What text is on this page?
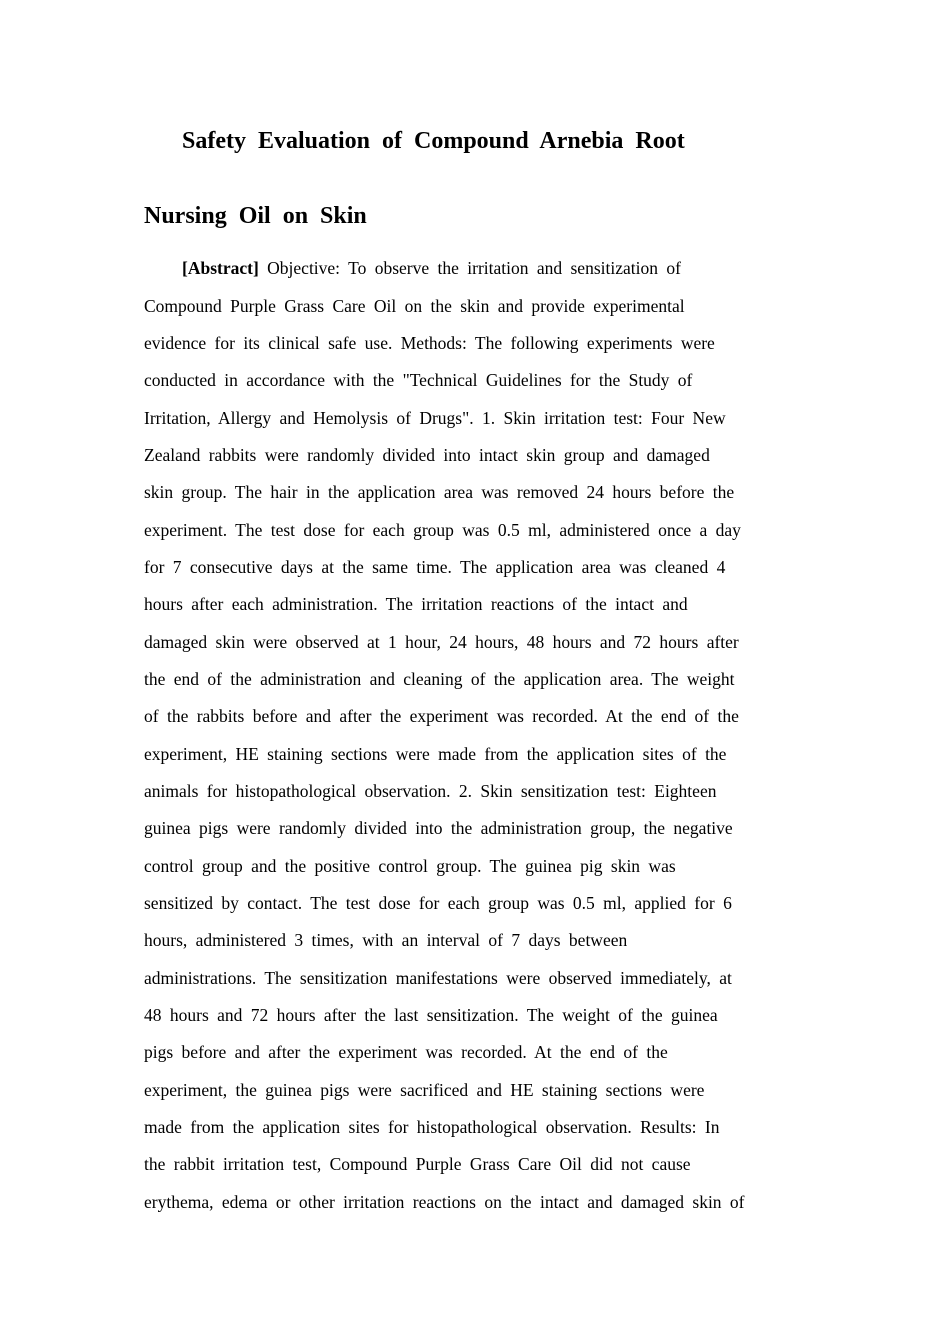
Safety Evaluation of Compound Arnebia Root
Nursing Oil on Skin
[Abstract] Objective: To observe the irritation and sensitization of
Compound Purple Grass Care Oil on the skin and provide experimental
evidence for its clinical safe use. Methods: The following experiments were
conducted in accordance with the "Technical Guidelines for the Study of
Irritation, Allergy and Hemolysis of Drugs". 1. Skin irritation test: Four New
Zealand rabbits were randomly divided into intact skin group and damaged
skin group. The hair in the application area was removed 24 hours before the
experiment. The test dose for each group was 0.5 ml, administered once a day
for 7 consecutive days at the same time. The application area was cleaned 4
hours after each administration. The irritation reactions of the intact and
damaged skin were observed at 1 hour, 24 hours, 48 hours and 72 hours after
the end of the administration and cleaning of the application area. The weight
of the rabbits before and after the experiment was recorded. At the end of the
experiment, HE staining sections were made from the application sites of the
animals for histopathological observation. 2. Skin sensitization test: Eighteen
guinea pigs were randomly divided into the administration group, the negative
control group and the positive control group. The guinea pig skin was
sensitized by contact. The test dose for each group was 0.5 ml, applied for 6
hours, administered 3 times, with an interval of 7 days between
administrations. The sensitization manifestations were observed immediately, at
48 hours and 72 hours after the last sensitization. The weight of the guinea
pigs before and after the experiment was recorded. At the end of the
experiment, the guinea pigs were sacrificed and HE staining sections were
made from the application sites for histopathological observation. Results: In
the rabbit irritation test, Compound Purple Grass Care Oil did not cause
erythema, edema or other irritation reactions on the intact and damaged skin of
